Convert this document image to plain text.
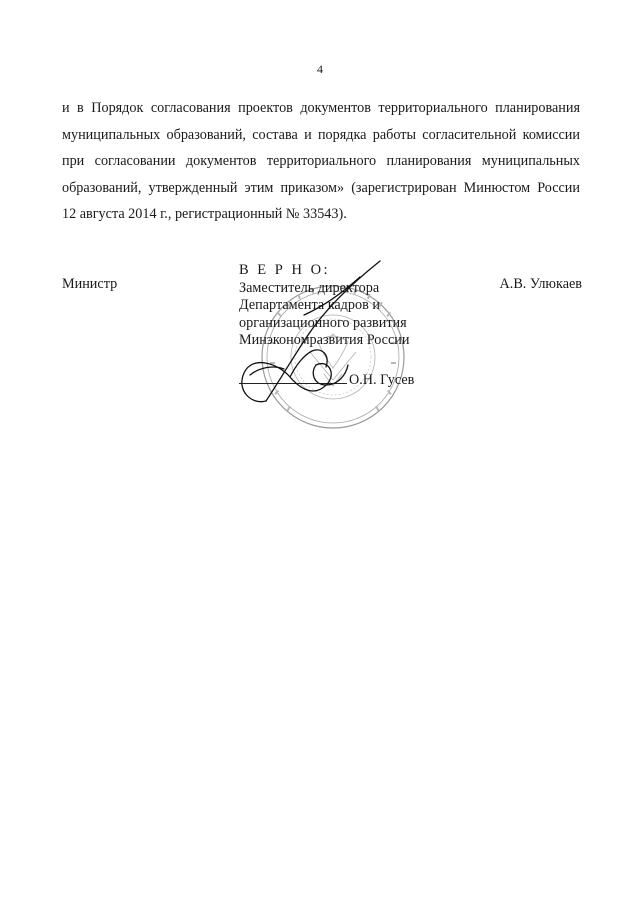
4
и в Порядок согласования проектов документов территориального планирования
муниципальных образований, состава и порядка работы согласительной комиссии
при согласовании документов территориального планирования муниципальных
образований, утвержденный этим приказом» (зарегистрирован Минюстом России
12 августа 2014 г., регистрационный № 33543).
Министр	А.В. Улюкаев
В Е Р Н О:
Заместитель директора
Департамента кадров и
организационного развития
Минэкономразвития России
О.Н. Гусев
